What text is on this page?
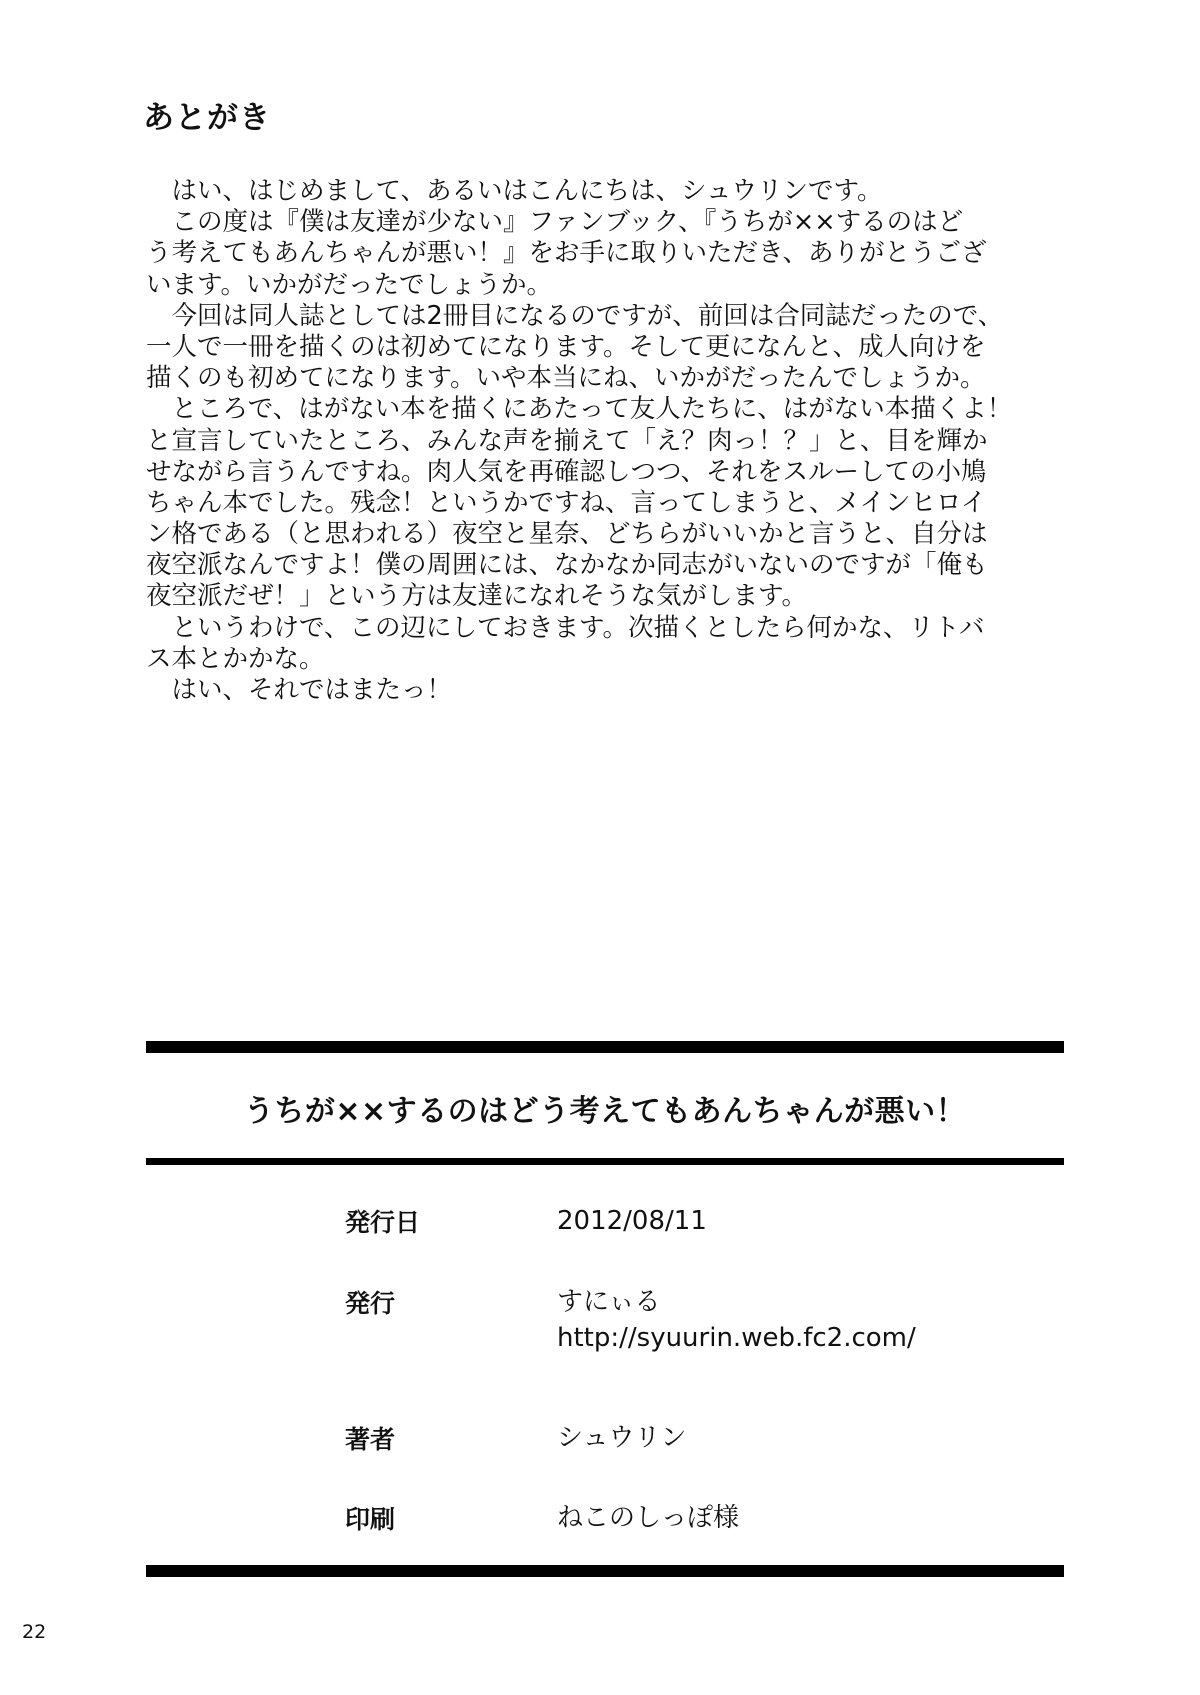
あとがき
　はい、はじめまして、あるいはこんにちは、シュウリンです。
　この度は『僕は友達が少ない』ファンブック、『うちが××するのはど
う考えてもあんちゃんが悪い！』をお手に取りいただき、ありがとうござ
います。いかがだったでしょうか。
　今回は同人誌としては2冊目になるのですが、前回は合同誌だったので、
一人で一冊を描くのは初めてになります。そして更になんと、成人向けを
描くのも初めてになります。いや本当にね、いかがだったんでしょうか。
　ところで、はがない本を描くにあたって友人たちに、はがない本描くよ！
と宣言していたところ、みんな声を揃えて「え？肉っ！？」と、目を輝か
せながら言うんですね。肉人気を再確認しつつ、それをスルーしての小鳩
ちゃん本でした。残念！というかですね、言ってしまうと、メインヒロイ
ン格である（と思われる）夜空と星奈、どちらがいいかと言うと、自分は
夜空派なんですよ！僕の周囲には、なかなか同志がいないのですが「俺も
夜空派だぜ！」という方は友達になれそうな気がします。
　というわけで、この辺にしておきます。次描くとしたら何かな、リトバ
ス本とかかな。
　はい、それではまたっ！
うちが××するのはどう考えてもあんちゃんが悪い！
発行日	2012/08/11
発行	すにぃる
http://syuurin.web.fc2.com/
著者	シュウリン
印刷	ねこのしっぽ様
22
